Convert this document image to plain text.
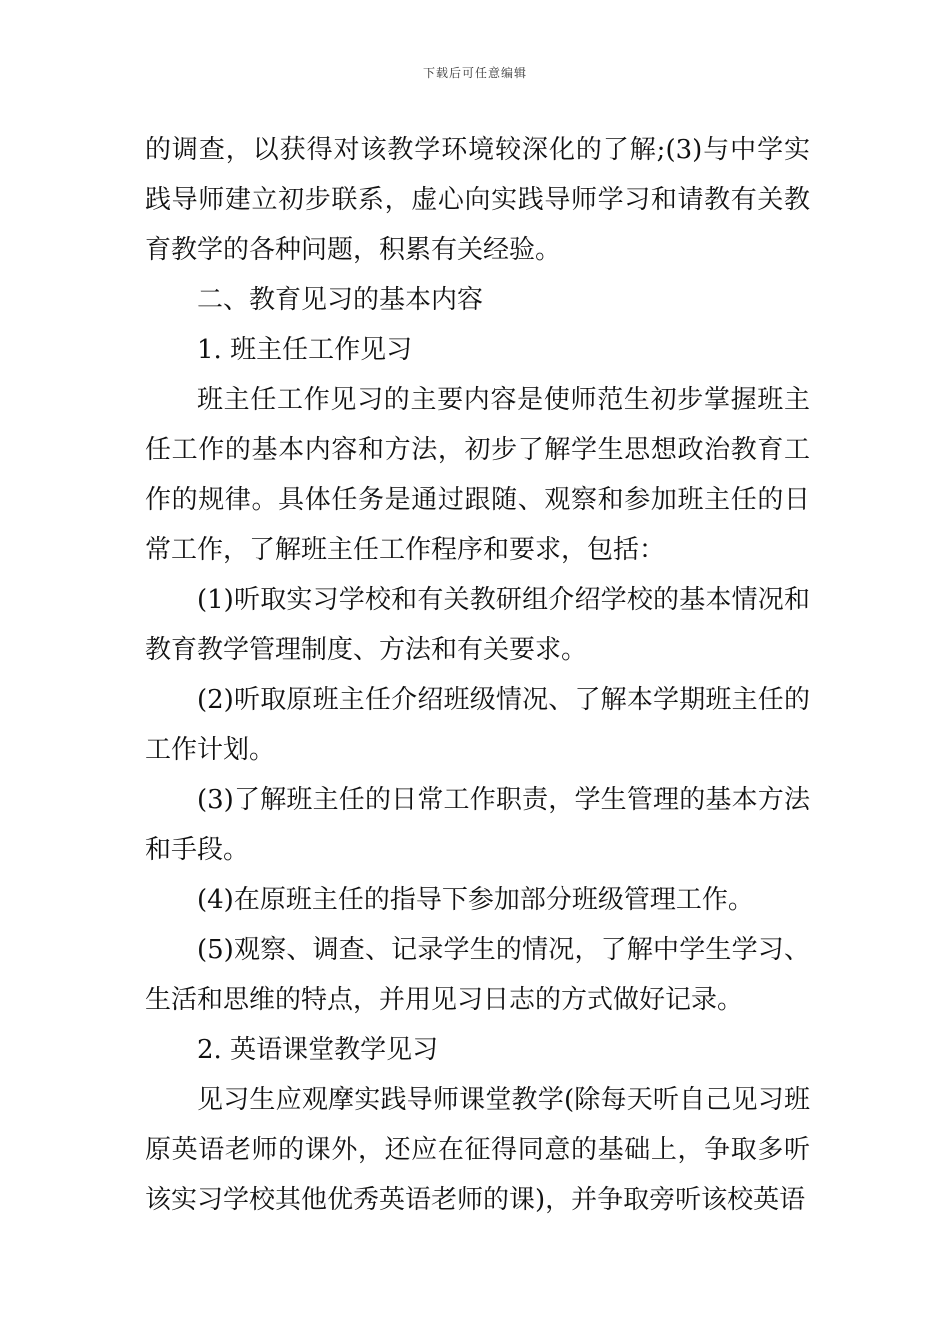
下载后可任意编辑

的调查，以获得对该教学环境较深化的了解;(3)与中学实践导师建立初步联系，虚心向实践导师学习和请教有关教育教学的各种问题，积累有关经验。

二、教育见习的基本内容

1. 班主任工作见习

班主任工作见习的主要内容是使师范生初步掌握班主任工作的基本内容和方法，初步了解学生思想政治教育工作的规律。具体任务是通过跟随、观察和参加班主任的日常工作，了解班主任工作程序和要求，包括：

(1)听取实习学校和有关教研组介绍学校的基本情况和教育教学管理制度、方法和有关要求。

(2)听取原班主任介绍班级情况、了解本学期班主任的工作计划。

(3)了解班主任的日常工作职责，学生管理的基本方法和手段。

(4)在原班主任的指导下参加部分班级管理工作。

(5)观察、调查、记录学生的情况，了解中学生学习、生活和思维的特点，并用见习日志的方式做好记录。

2. 英语课堂教学见习

见习生应观摩实践导师课堂教学(除每天听自己见习班原英语老师的课外，还应在征得同意的基础上，争取多听该实习学校其他优秀英语老师的课)，并争取旁听该校英语
